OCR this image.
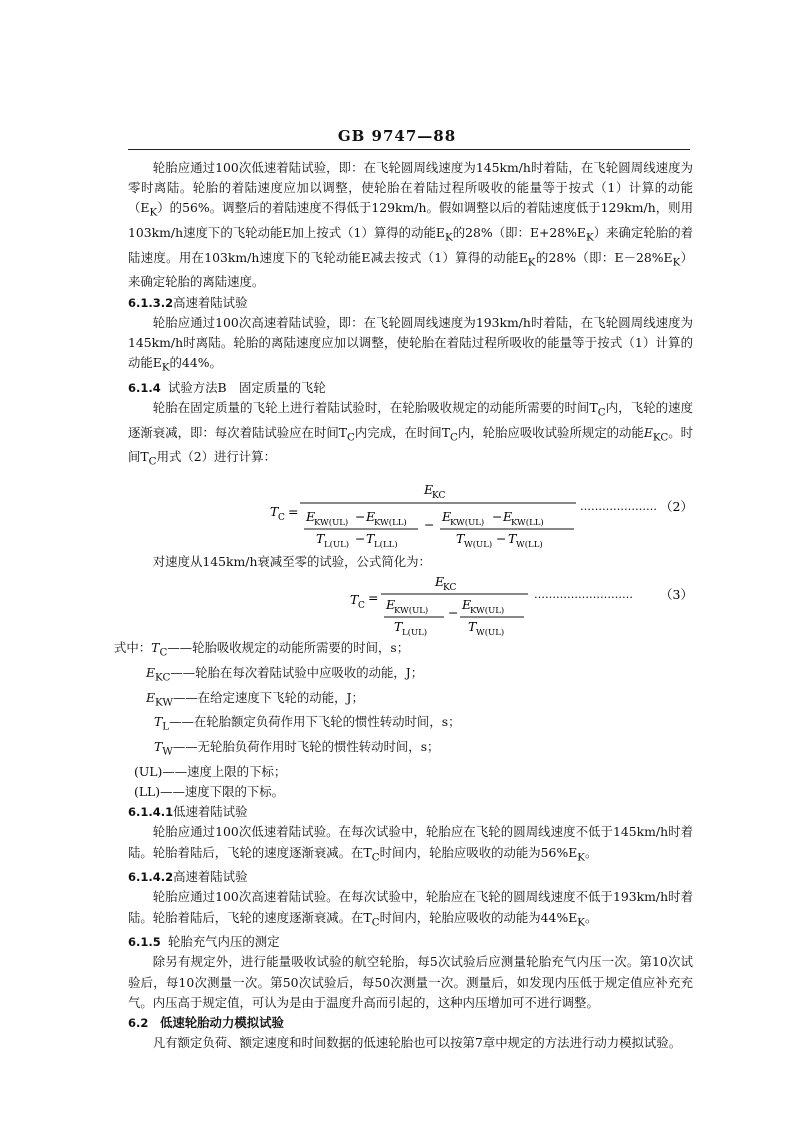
GB 9747—88

轮胎应通过100次低速着陆试验，即：在飞轮圆周线速度为145km/h时着陆，在飞轮圆周线速度为零时离陆。轮胎的着陆速度应加以调整，使轮胎在着陆过程所吸收的能量等于按式（1）计算的动能$(E_K)$的56%。调整后的着陆速度不得低于129km/h。假如调整以后的着陆速度低于129km/h，则用103km/h速度下的飞轮动能E加上按式（1）算得的动能$E_K$的28%（即：$E+28\%E_K$）来确定轮胎的着陆速度。用在103km/h速度下的飞轮动能E减去按式（1）算得的动能$E_K$的28%（即：$E-28\%E_K$）来确定轮胎的离陆速度。

6.1.3.2高速着陆试验

轮胎应通过100次高速着陆试验，即：在飞轮圆周线速度为193km/h时着陆，在飞轮圆周线速度为145km/h时离陆。轮胎的离陆速度应加以调整，使轮胎在着陆过程所吸收的能量等于按式（1）计算的动能$E_K$的44%。

6.1.4 试验方法B　固定质量的飞轮

轮胎在固定质量的飞轮上进行着陆试验时，在轮胎吸收规定的动能所需要的时间$T_C$内，飞轮的速度逐渐衰减，即：每次着陆试验应在时间$T_C$内完成，在时间$T_C$内，轮胎应吸收试验所规定的动能$E_{KC}$。时间$T_C$用式（2）进行计算：

T C =
E
KC
E
KW(UL) − E
KW(LL)
T L(UL) − T L(LL)
−
E
KW(UL) − E
KW(LL)
T W(UL) − T W(LL)
………………… （2）

对速度从145km/h衰减至零的试验，公式简化为：

T C
=
E
KC
E
KW(UL)
T L(UL)
−
E
KW(UL)
T W(UL)
……………………… （3）

式中：$T_C——$轮胎吸收规定的动能所需要的时间，s；

$E_{KC}——$轮胎在每次着陆试验中应吸收的动能，J；

$E_{KW}——$在给定速度下飞轮的动能，J；

$T_L——$在轮胎额定负荷作用下飞轮的惯性转动时间，s；

$T_W——$无轮胎负荷作用时飞轮的惯性转动时间，s；

(UL)——速度上限的下标；

(LL)——速度下限的下标。

6.1.4.1低速着陆试验

轮胎应通过100次低速着陆试验。在每次试验中，轮胎应在飞轮的圆周线速度不低于145km/h时着陆。轮胎着陆后，飞轮的速度逐渐衰减。在$T_C$时间内，轮胎应吸收的动能为$56\%E_K$。

6.1.4.2高速着陆试验

轮胎应通过100次高速着陆试验。在每次试验中，轮胎应在飞轮的圆周线速度不低于193km/h时着陆。轮胎着陆后，飞轮的速度逐渐衰减。在$T_C$时间内，轮胎应吸收的动能为$44\%E_K$。

6.1.5 轮胎充气内压的测定

除另有规定外，进行能量吸收试验的航空轮胎，每5次试验后应测量轮胎充气内压一次。第10次试验后，每10次测量一次。第50次试验后，每50次测量一次。测量后，如发现内压低于规定值应补充充气。内压高于规定值，可认为是由于温度升高而引起的，这种内压增加可不进行调整。

6.2 低速轮胎动力模拟试验

凡有额定负荷、额定速度和时间数据的低速轮胎也可以按第7章中规定的方法进行动力模拟试验。
